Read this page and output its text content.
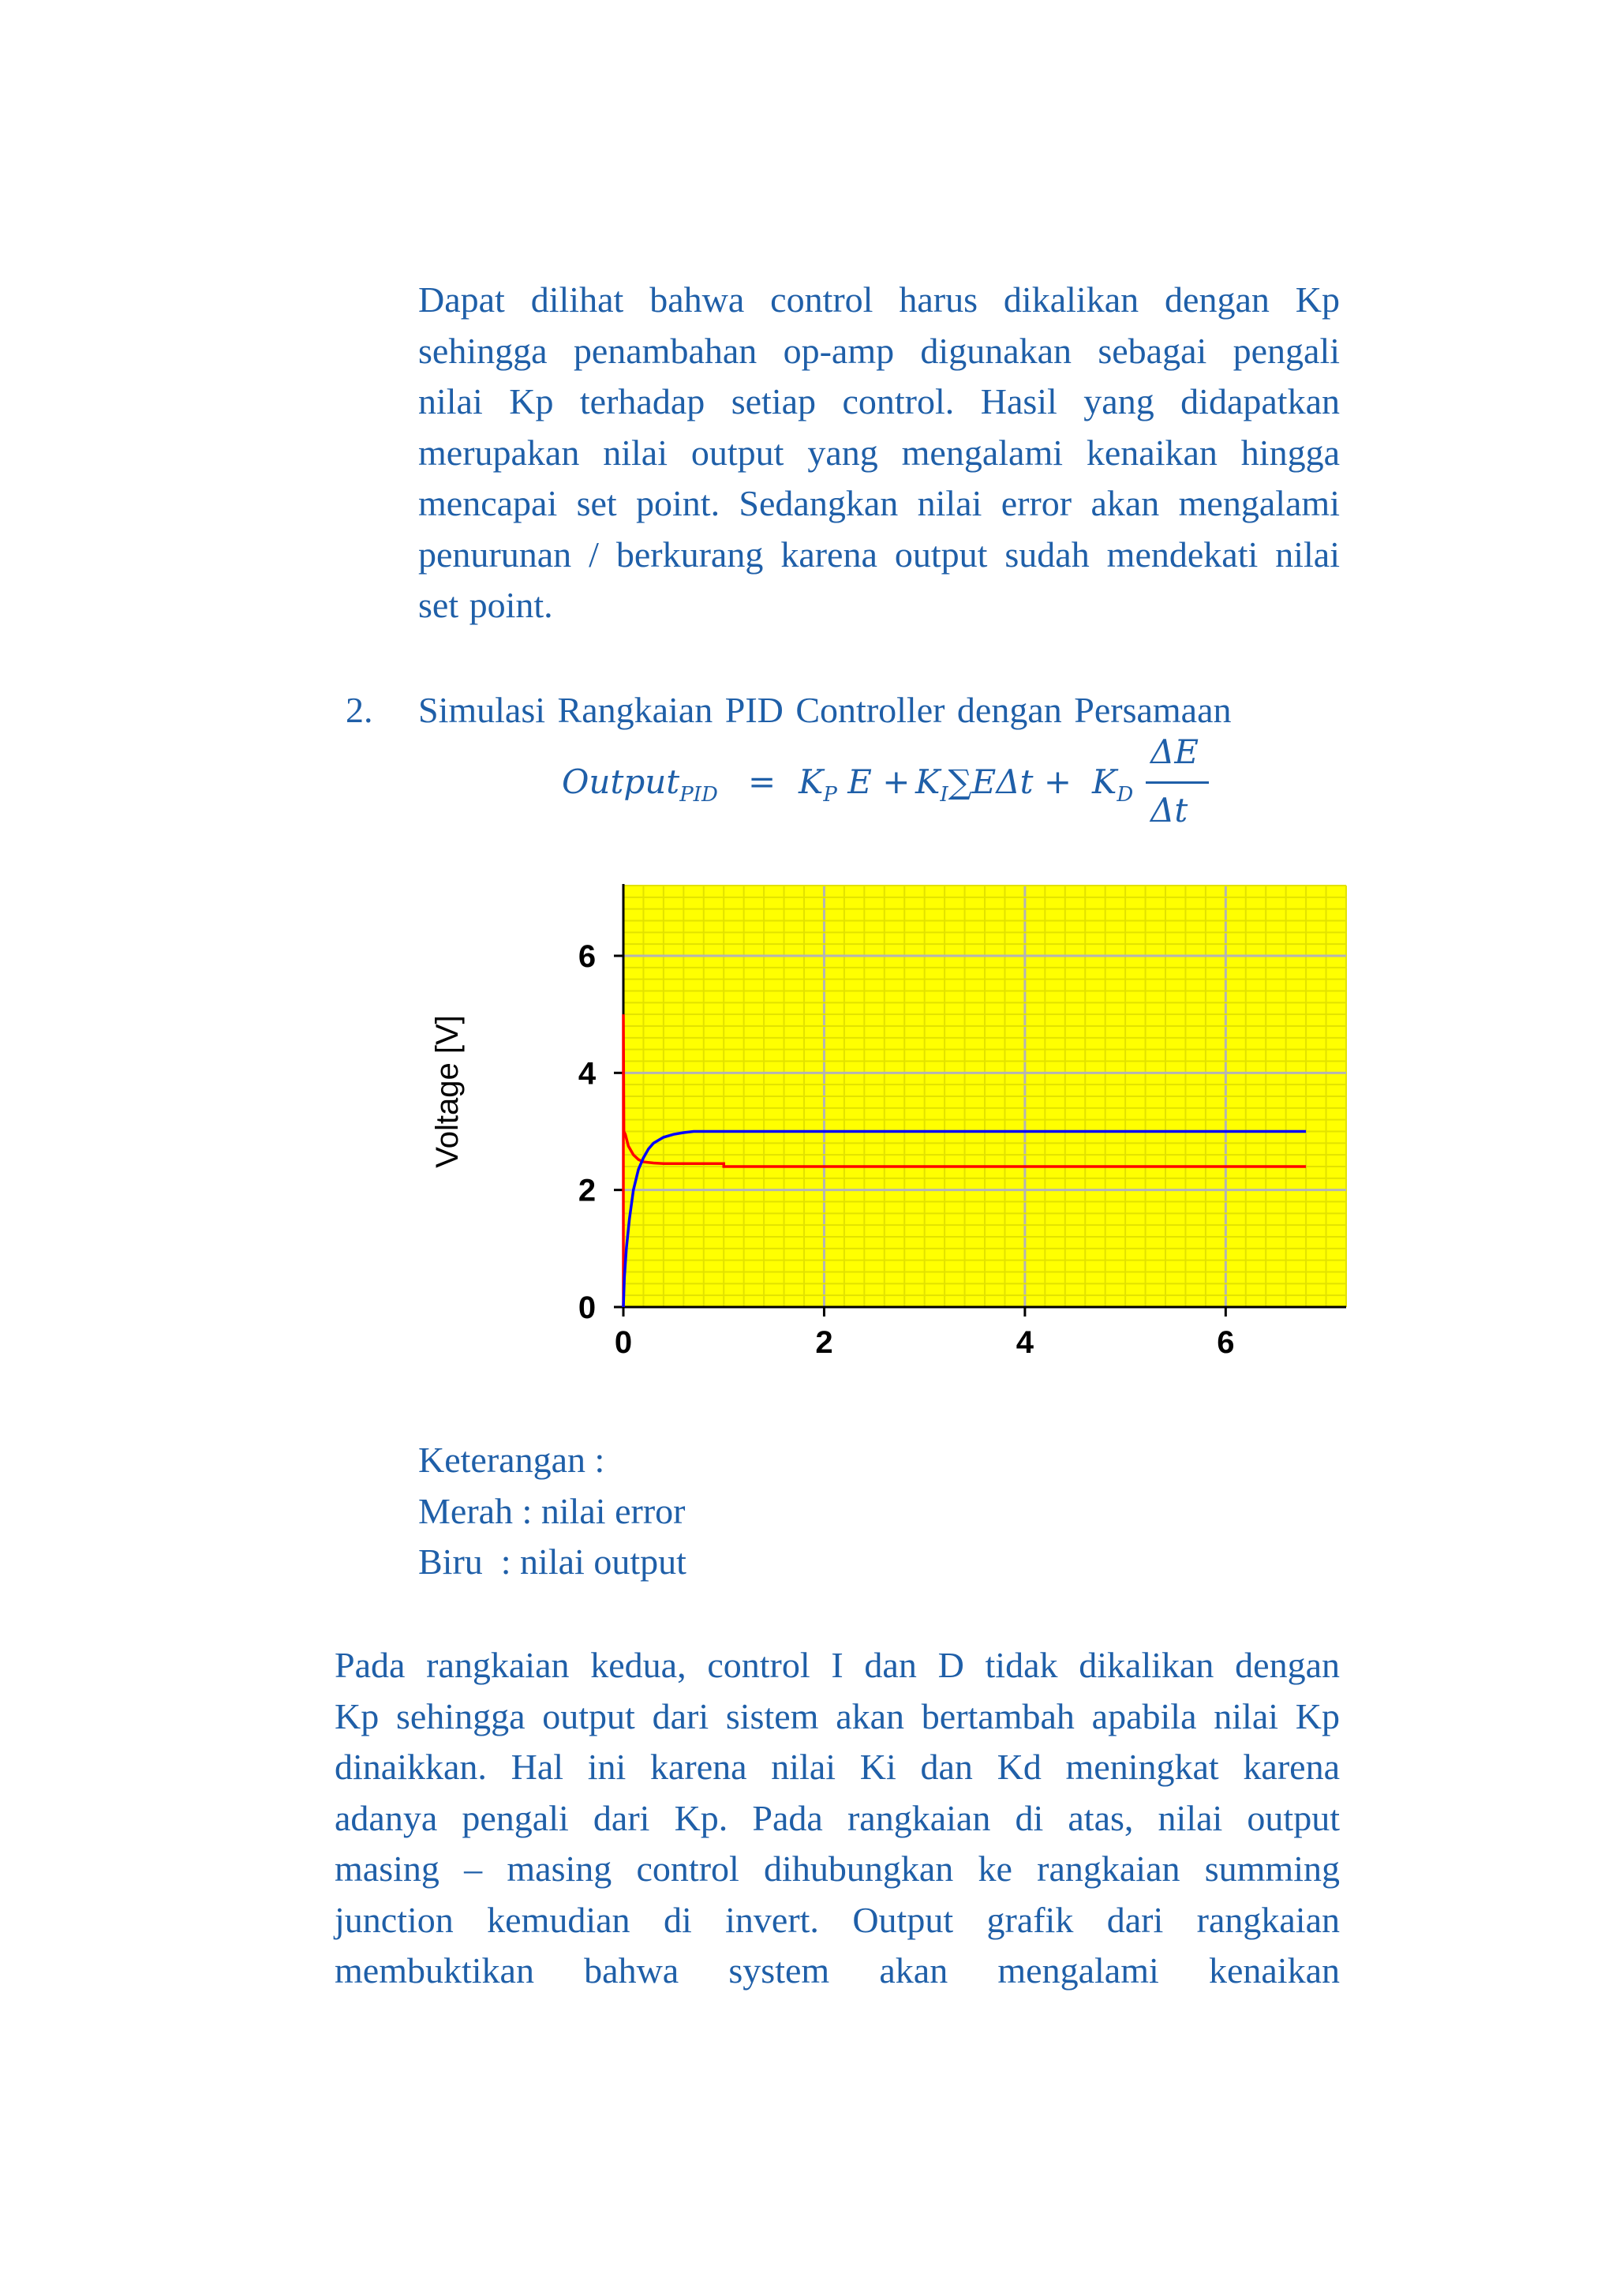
Dapat dilihat bahwa control harus dikalikan dengan Kp
sehingga penambahan op-amp digunakan sebagai pengali
nilai Kp terhadap setiap control. Hasil yang didapatkan
merupakan nilai output yang mengalami kenaikan hingga
mencapai set point. Sedangkan nilai error akan mengalami
penurunan / berkurang karena output sudah mendekati nilai
set point.
2. Simulasi Rangkaian PID Controller dengan Persamaan
Output$_{PID}$ = $K_P$ $E + K_I\sum E\Delta t + K_D$
ΔE
Δt
0	2	4	6
0
2
4
6
Voltage [V]
Keterangan :
Merah : nilai error
Biru  : nilai output
Pada rangkaian kedua, control I dan D tidak dikalikan dengan
Kp sehingga output dari sistem akan bertambah apabila nilai Kp
dinaikkan. Hal ini karena nilai Ki dan Kd meningkat karena
adanya pengali dari Kp. Pada rangkaian di atas, nilai output
masing – masing control dihubungkan ke rangkaian summing
junction kemudian di invert. Output grafik dari rangkaian
membuktikan bahwa system akan mengalami kenaikan
